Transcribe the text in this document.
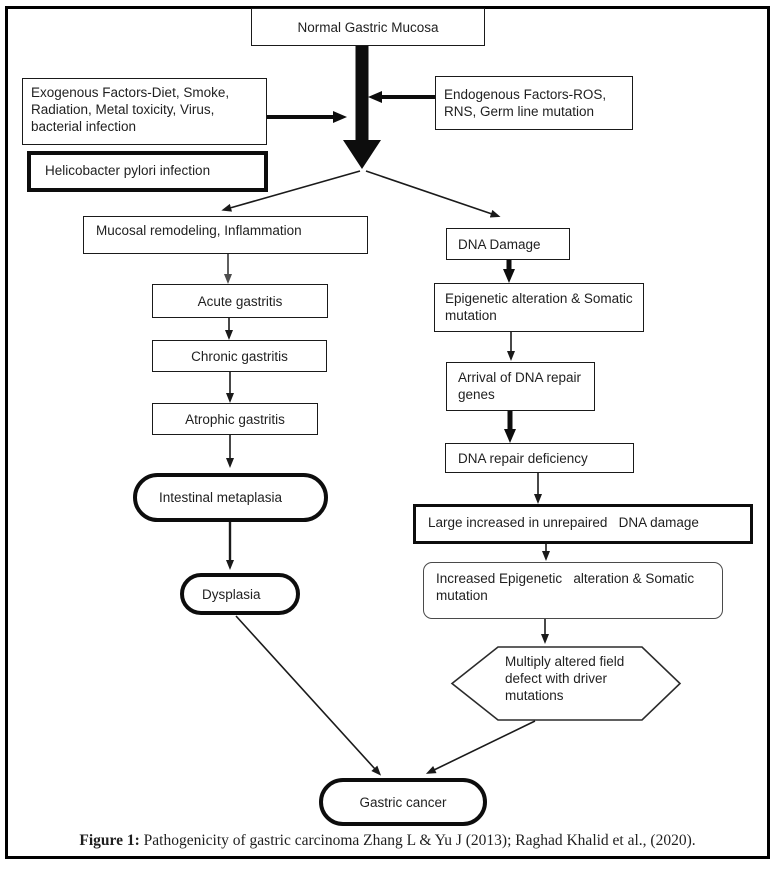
Normal Gastric Mucosa
Exogenous Factors-Diet, Smoke, Radiation, Metal toxicity, Virus, bacterial infection
Endogenous Factors-ROS, RNS, Germ line mutation
Helicobacter pylori infection
Mucosal remodeling, Inflammation
Acute gastritis
Chronic gastritis
Atrophic gastritis
Intestinal metaplasia
Dysplasia
DNA Damage
Epigenetic alteration & Somatic mutation
Arrival of DNA repair genes
DNA repair deficiency
Large increased in unrepaired   DNA damage
Increased Epigenetic   alteration & Somatic mutation
Gastric cancer
Multiply altered field defect with driver mutations
Figure 1: Pathogenicity of gastric carcinoma Zhang L & Yu J (2013); Raghad Khalid et al., (2020).
